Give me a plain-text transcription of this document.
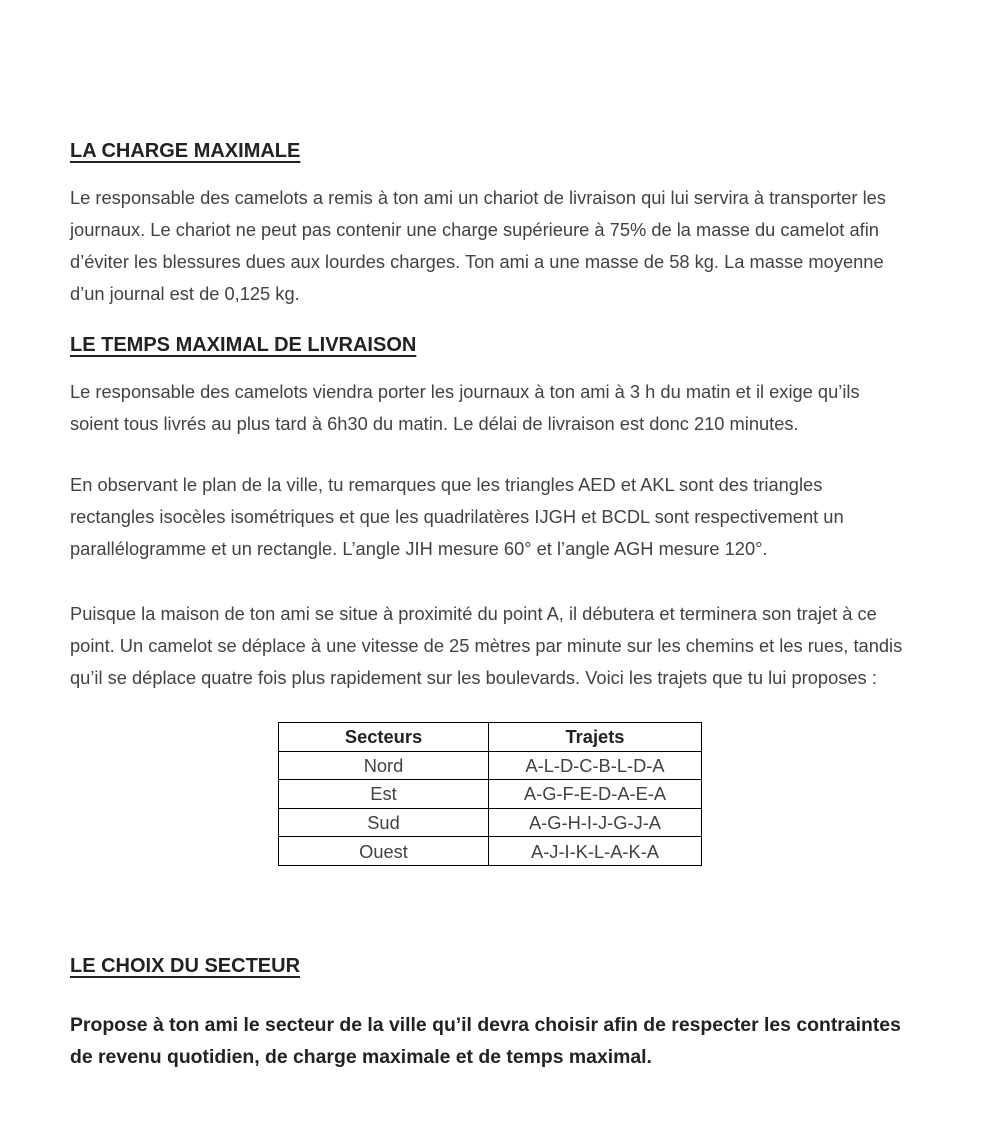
LA CHARGE MAXIMALE

Le responsable des camelots a remis à ton ami un chariot de livraison qui lui servira à transporter les journaux. Le chariot ne peut pas contenir une charge supérieure à 75% de la masse du camelot afin d’éviter les blessures dues aux lourdes charges. Ton ami a une masse de 58 kg. La masse moyenne d’un journal est de 0,125 kg.

LE TEMPS MAXIMAL DE LIVRAISON

Le responsable des camelots viendra porter les journaux à ton ami à 3 h du matin et il exige qu’ils soient tous livrés au plus tard à 6h30 du matin. Le délai de livraison est donc 210 minutes.

En observant le plan de la ville, tu remarques que les triangles AED et AKL sont des triangles rectangles isocèles isométriques et que les quadrilatères IJGH et BCDL sont respectivement un parallélogramme et un rectangle. L’angle JIH mesure 60° et l’angle AGH mesure 120°.

Puisque la maison de ton ami se situe à proximité du point A, il débutera et terminera son trajet à ce point. Un camelot se déplace à une vitesse de 25 mètres par minute sur les chemins et les rues, tandis qu’il se déplace quatre fois plus rapidement sur les boulevards. Voici les trajets que tu lui proposes :

Secteurs	Trajets
Nord	A-L-D-C-B-L-D-A
Est	A-G-F-E-D-A-E-A
Sud	A-G-H-I-J-G-J-A
Ouest	A-J-I-K-L-A-K-A
LE CHOIX DU SECTEUR

Propose à ton ami le secteur de la ville qu’il devra choisir afin de respecter les contraintes de revenu quotidien, de charge maximale et de temps maximal.
